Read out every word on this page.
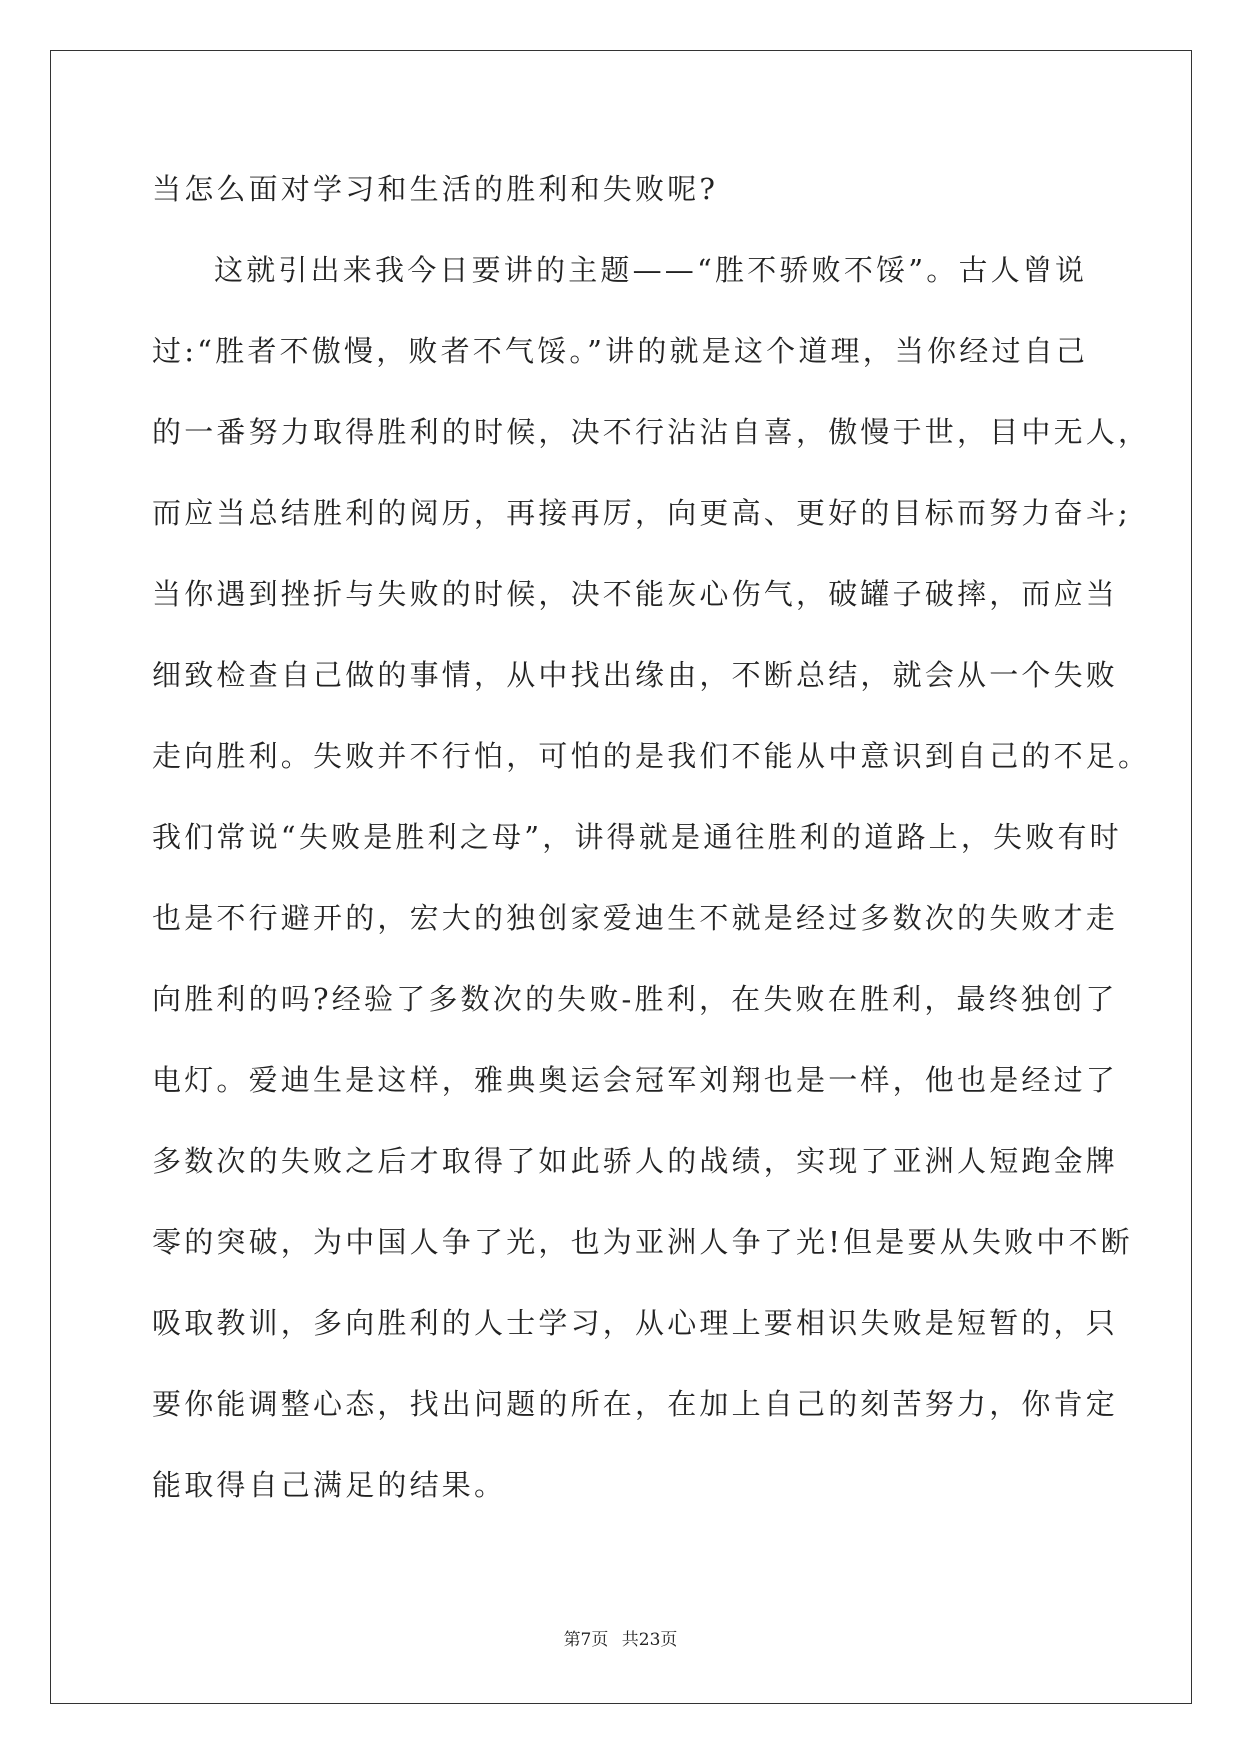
当怎么面对学习和生活的胜利和失败呢?
这就引出来我今日要讲的主题——“胜不骄败不馁”。古人曾说
过:“胜者不傲慢，败者不气馁。”讲的就是这个道理，当你经过自己
的一番努力取得胜利的时候，决不行沾沾自喜，傲慢于世，目中无人，
而应当总结胜利的阅历，再接再厉，向更高、更好的目标而努力奋斗;
当你遇到挫折与失败的时候，决不能灰心伤气，破罐子破摔，而应当
细致检查自己做的事情，从中找出缘由，不断总结，就会从一个失败
走向胜利。失败并不行怕，可怕的是我们不能从中意识到自己的不足。
我们常说“失败是胜利之母”，讲得就是通往胜利的道路上，失败有时
也是不行避开的，宏大的独创家爱迪生不就是经过多数次的失败才走
向胜利的吗?经验了多数次的失败-胜利，在失败在胜利，最终独创了
电灯。爱迪生是这样，雅典奥运会冠军刘翔也是一样，他也是经过了
多数次的失败之后才取得了如此骄人的战绩，实现了亚洲人短跑金牌
零的突破，为中国人争了光，也为亚洲人争了光!但是要从失败中不断
吸取教训，多向胜利的人士学习，从心理上要相识失败是短暂的，只
要你能调整心态，找出问题的所在，在加上自己的刻苦努力，你肯定
能取得自己满足的结果。
第7页 共23页
